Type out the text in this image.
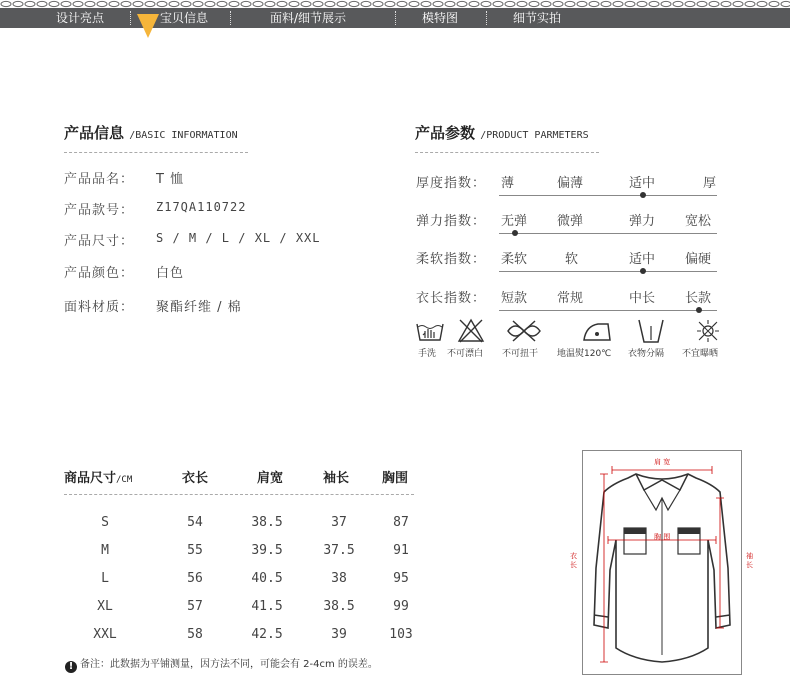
设计亮点	宝贝信息	面料/细节展示	模特图	细节实拍
产品信息 /BASIC INFORMATION
产品品名： T 恤
产品款号： Z17QA110722
产品尺寸： S / M / L / XL / XXL
产品颜色： 白色
面料材质： 聚酯纤维 / 棉
产品参数 /PRODUCT PARMETERS
厚度指数： 薄	偏薄	适中	厚
弹力指数： 无弹 微弹	弹力 宽松
柔软指数： 柔软	软	适中 偏硬
衣长指数： 短款 常规	中长 长款
手洗 不可漂白 不可扭干 地温熨120℃ 衣物分隔 不宜曝晒
商品尺寸/CM	衣长	肩宽	袖长	胸围
S	54	38.5	37	87
M	55	39.5	37.5	91
L	56	40.5	38	95
XL	57	41.5	38.5	99
XXL	58	42.5	39	103
! 备注：此数据为平铺测量，因方法不同，可能会有 2-4cm 的误差。
肩 宽
胸 围
衣长
袖长
